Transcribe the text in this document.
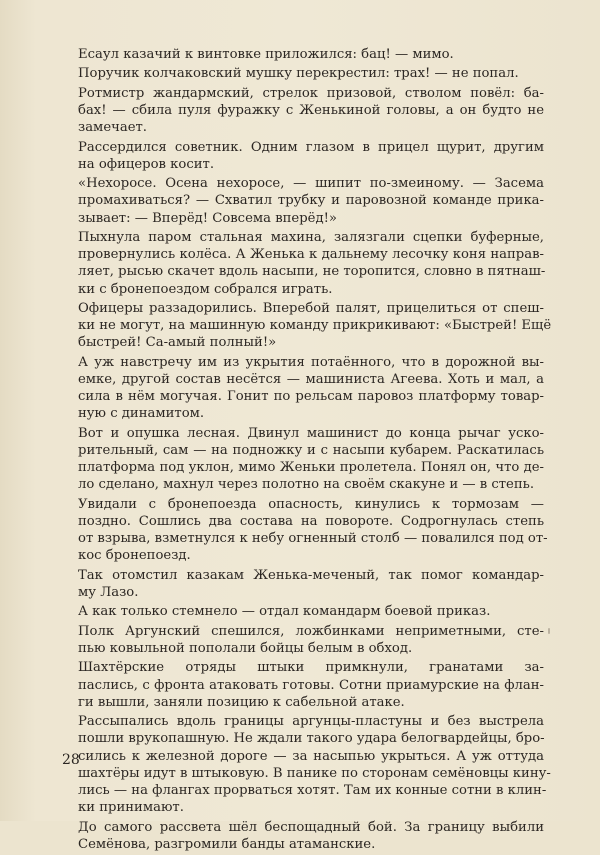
Есаул казачий к винтовке приложился: бац! — мимо.

Поручик колчаковский мушку перекрестил: трах! — не попал.

Ротмистр жандармский, стрелок призовой, стволом повёл: ба-
бах! — сбила пуля фуражку с Женькиной головы, а он будто не
замечает.

Рассердился советник. Одним глазом в прицел щурит, другим
на офицеров косит.

«Нехоросе. Осена нехоросе, — шипит по-змеиному. — Засема
промахиваться? — Схватил трубку и паровозной команде прика-
зывает: — Вперёд! Совсема вперёд!»

Пыхнула паром стальная махина, залязгали сцепки буферные,
провернулись колёса. А Женька к дальнему лесочку коня направ-
ляет, рысью скачет вдоль насыпи, не торопится, словно в пятнаш-
ки с бронепоездом собрался играть.

Офицеры раззадорились. Вперебой палят, прицелиться от спеш-
ки не могут, на машинную команду прикрикивают: «Быстрей! Ещё
быстрей! Са-амый полный!»

А уж навстречу им из укрытия потаённого, что в дорожной вы-
емке, другой состав несётся — машиниста Агеева. Хоть и мал, а
сила в нём могучая. Гонит по рельсам паровоз платформу товар-
ную с динамитом.

Вот и опушка лесная. Двинул машинист до конца рычаг ускo-
рительный, сам — на подножку и с насыпи кубарем. Раскатилась
платформа под уклон, мимо Женьки пролетела. Понял он, что де-
ло сделано, махнул через полотно на своём скакуне и — в степь.

Увидали с бронепоезда опасность, кинулись к тормозам —
поздно. Сошлись два состава на повороте. Содрогнулась степь
от взрыва, взметнулся к небу огненный столб — повалился под от-
кос бронепоезд.

Так отомстил казакам Женька-меченый, так помог командар-
му Лазо.

А как только стемнело — отдал командарм боевой приказ.

Полк Аргунский спешился, ложбинками неприметными, сте-
пью ковыльной пополали бойцы белым в обход.

Шахтёрские отряды штыки примкнули, гранатами за-
паслись, с фронта атаковать готовы. Сотни приамурские на флан-
ги вышли, заняли позицию к сабельной атаке.

Рассыпались вдоль границы аргунцы-пластуны и без выстрела
пошли врукопашную. Не ждали такого удара белогвардейцы, бро-
сились к железной дороге — за насыпью укрыться. А уж оттуда
шахтёры идут в штыковую. В панике по сторонам семёновцы кину-
лись — на флангах прорваться хотят. Там их конные сотни в клин-
ки принимают.

До самого рассвета шёл беспощадный бой. За границу выбили
Семёнова, разгромили банды атаманские.

28
